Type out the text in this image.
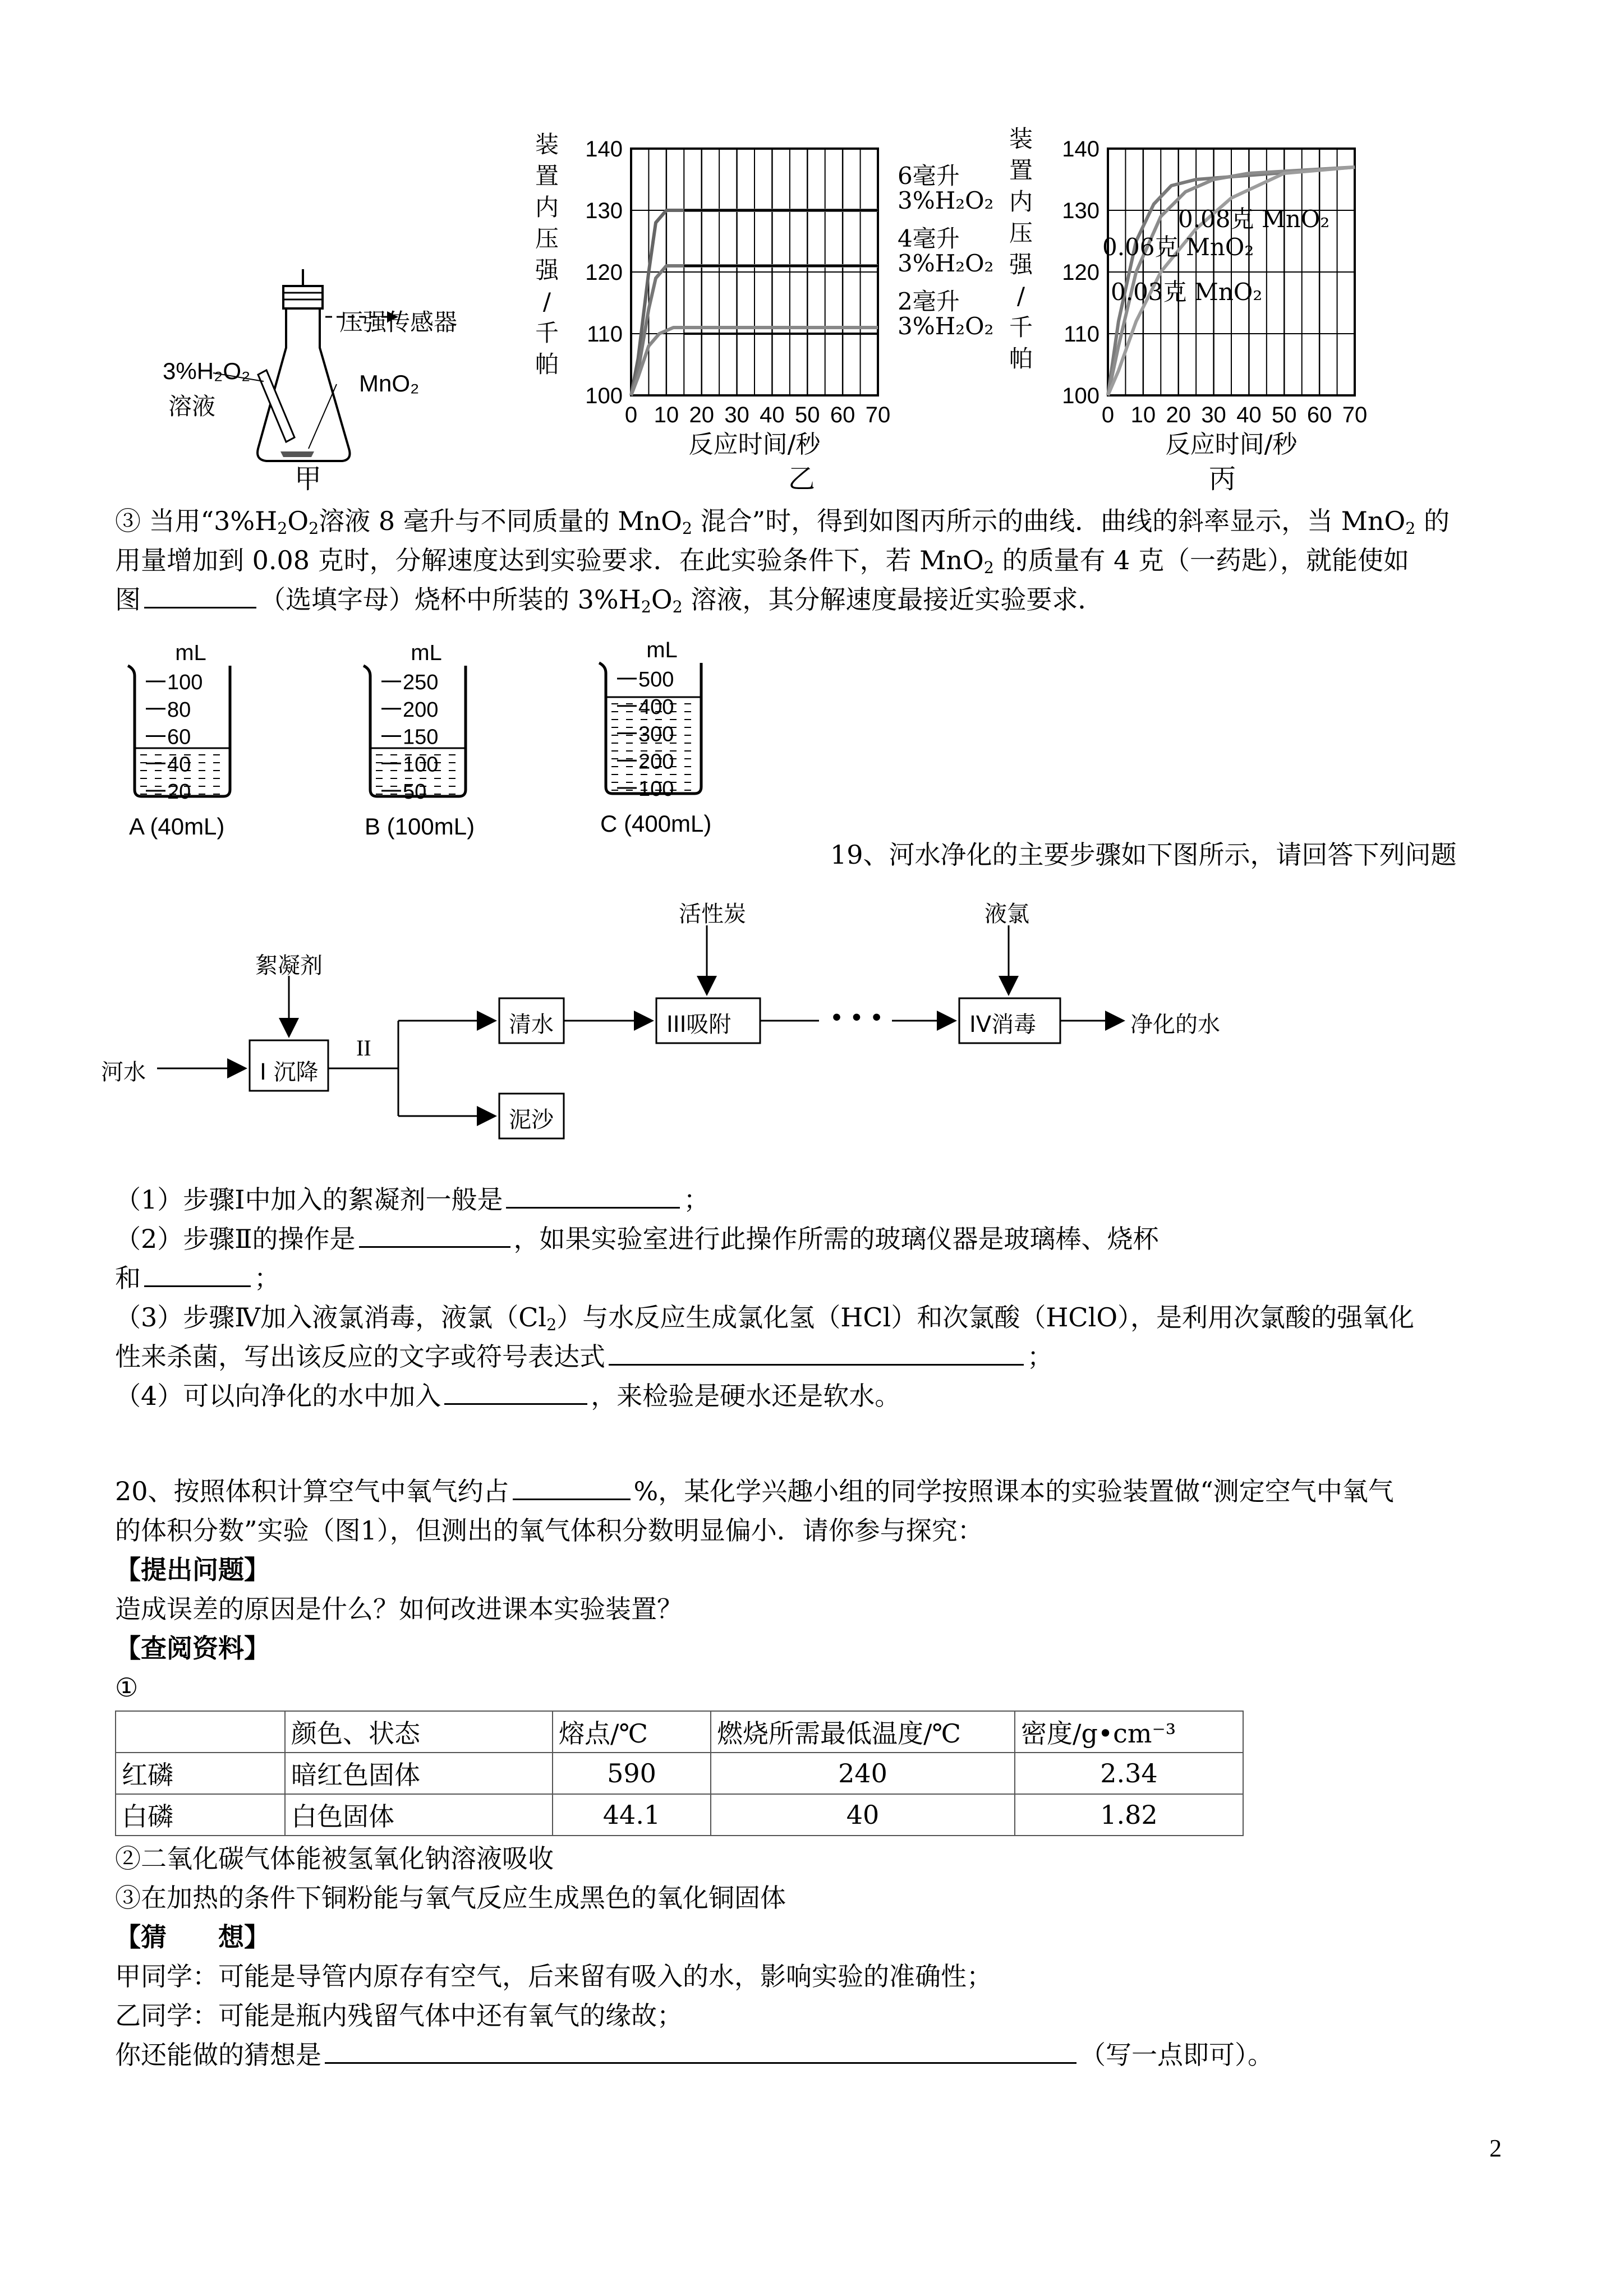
压强传感器
3%H₂O₂
溶液
MnO₂
甲
装
置
内
压
强
/
千
帕
100
110
120
130
140
0 10 20 30 40 50 60 70
反应时间/秒
6毫升
3%H₂O₂
4毫升
3%H₂O₂
2毫升
3%H₂O₂
乙
装
置
内
压
强
/
千
帕
100
110
120
130
140
0 10 20 30 40 50 60 70
反应时间/秒
0.08克 MnO₂
0.06克 MnO₂
0.03克 MnO₂
丙
③ 当用“$3\%H_2O_2$溶液 8 毫升与不同质量的 MnO$_2$ 混合”时，得到如图丙所示的曲线．曲线的斜率显示，当 MnO$_2$ 的
用量增加到 0.08 克时，分解速度达到实验要求．在此实验条件下，若 MnO$_2$ 的质量有 4 克（一药匙），就能使如
图	（选填字母）烧杯中所装的 $3\%H_2O_2$ 溶液，其分解速度最接近实验要求．
mL
100
80
60
40
20
A (40mL)
mL
250
200
150
100
50
B (100mL)
mL
500
400
300
200
100
C (400mL)
19、河水净化的主要步骤如下图所示，请回答下列问题
河水
絮凝剂
I 沉降
II
清水
泥沙
活性炭
III吸附	• • •
液氯
IV消毒	净化的水
（1）步骤Ⅰ中加入的絮凝剂一般是	；
（2）步骤Ⅱ的操作是	，如果实验室进行此操作所需的玻璃仪器是玻璃棒、烧杯
和	；
（3）步骤Ⅳ加入液氯消毒，液氯$(Cl_2)$与水反应生成氯化氢（HCl）和次氯酸（HClO），是利用次氯酸的强氧化
性来杀菌，写出该反应的文字或符号表达式	；
（4）可以向净化的水中加入	，来检验是硬水还是软水。
20、按照体积计算空气中氧气约占	%，某化学兴趣小组的同学按照课本的实验装置做“测定空气中氧气
的体积分数”实验（图1），但测出的氧气体积分数明显偏小．请你参与探究：
【提出问题】
造成误差的原因是什么？如何改进课本实验装置？
【查阅资料】
①
	颜色、状态	熔点/℃	燃烧所需最低温度/℃	密度/g•cm⁻³
红磷	暗红色固体	590	240	2.34
白磷	白色固体	44.1	40	1.82
②二氧化碳气体能被氢氧化钠溶液吸收
③在加热的条件下铜粉能与氧气反应生成黑色的氧化铜固体
【猜　　想】
甲同学：可能是导管内原存有空气，后来留有吸入的水，影响实验的准确性；
乙同学：可能是瓶内残留气体中还有氧气的缘故；
你还能做的猜想是	（写一点即可）。
2
